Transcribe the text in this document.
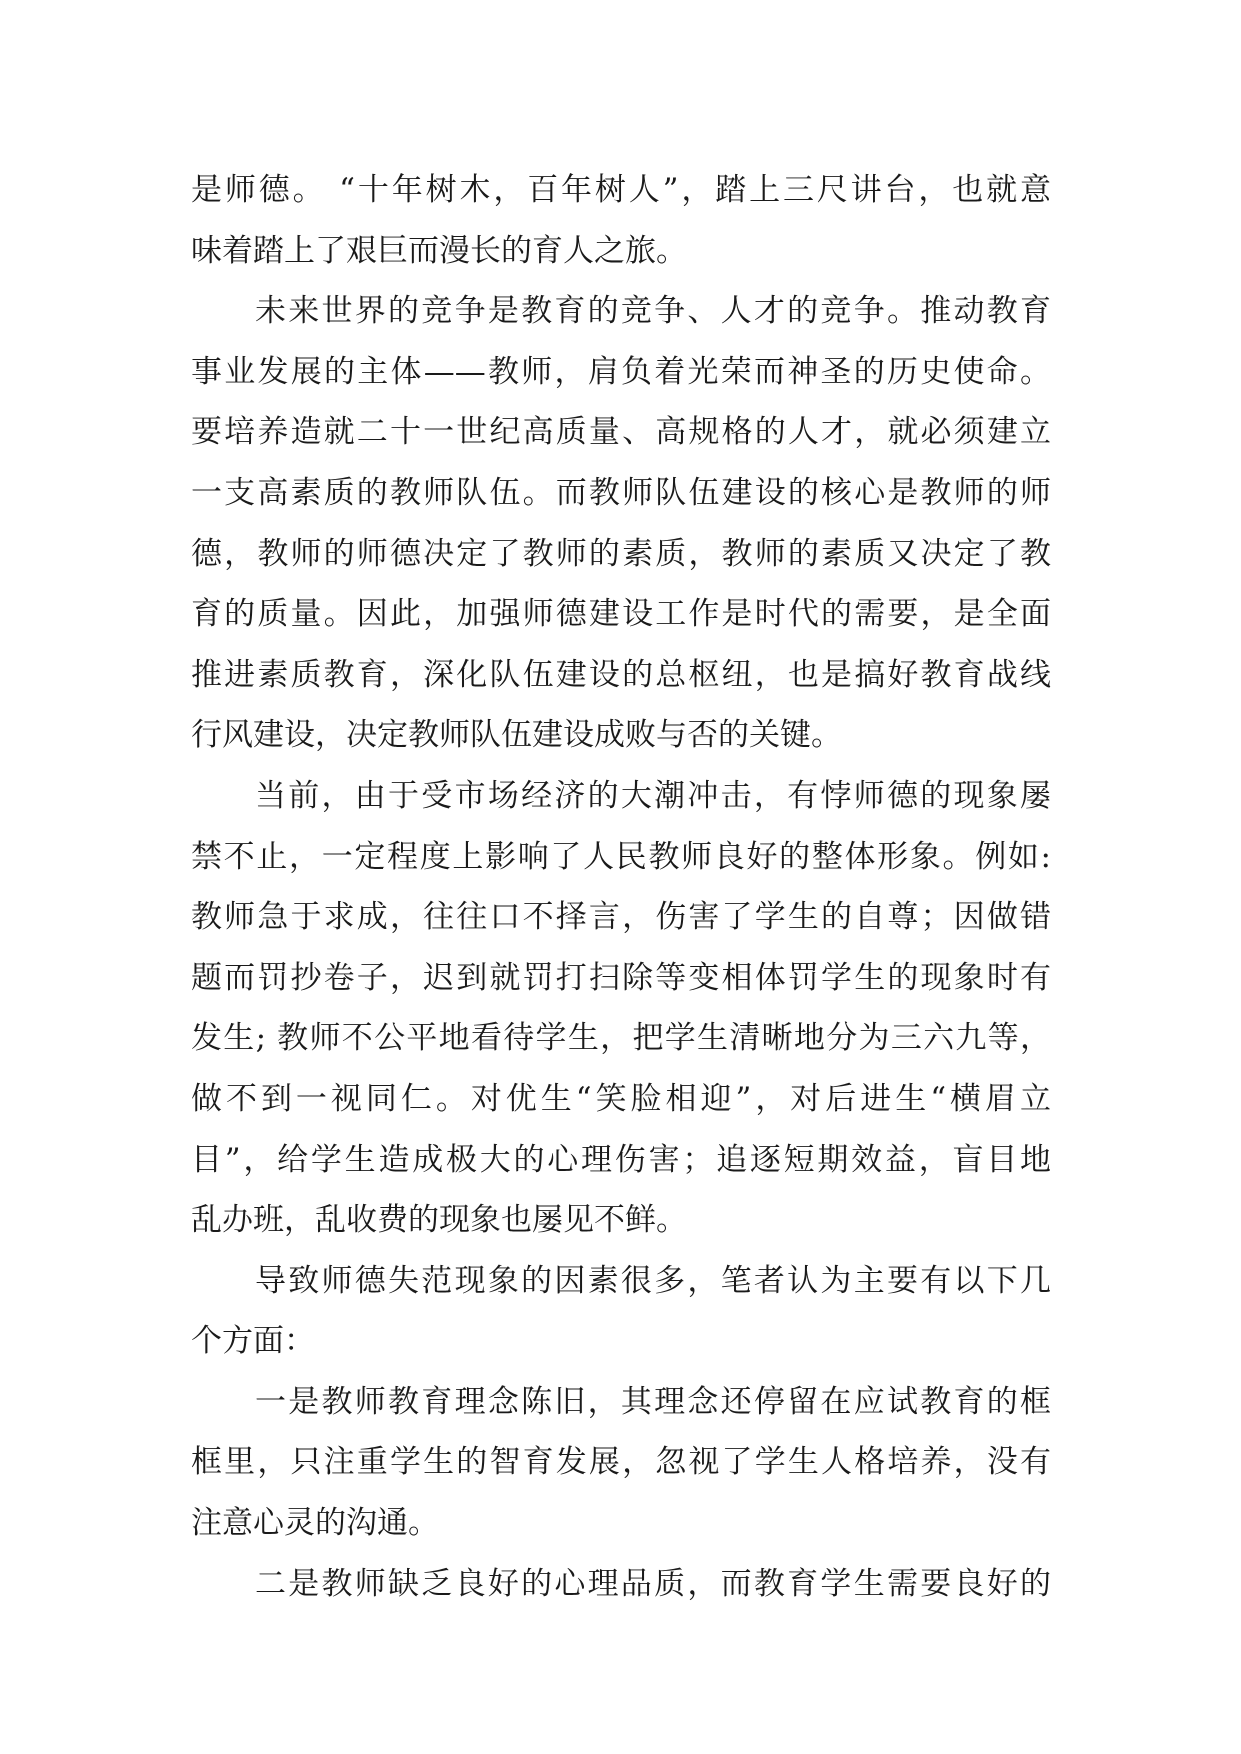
是师德。 “十年树木，百年树人”，踏上三尺讲台，也就意
味着踏上了艰巨而漫长的育人之旅。
未来世界的竞争是教育的竞争、人才的竞争。推动教育
事业发展的主体——教师，肩负着光荣而神圣的历史使命。
要培养造就二十一世纪高质量、高规格的人才，就必须建立
一支高素质的教师队伍。而教师队伍建设的核心是教师的师
德，教师的师德决定了教师的素质，教师的素质又决定了教
育的质量。因此，加强师德建设工作是时代的需要，是全面
推进素质教育，深化队伍建设的总枢纽，也是搞好教育战线
行风建设，决定教师队伍建设成败与否的关键。
当前，由于受市场经济的大潮冲击，有悖师德的现象屡
禁不止，一定程度上影响了人民教师良好的整体形象。例如:
教师急于求成，往往口不择言，伤害了学生的自尊；因做错
题而罚抄卷子，迟到就罚打扫除等变相体罚学生的现象时有
发生; 教师不公平地看待学生，把学生清晰地分为三六九等，
做不到一视同仁。对优生“笑脸相迎”，对后进生“横眉立
目”，给学生造成极大的心理伤害；追逐短期效益，盲目地
乱办班，乱收费的现象也屡见不鲜。
导致师德失范现象的因素很多，笔者认为主要有以下几
个方面：
一是教师教育理念陈旧，其理念还停留在应试教育的框
框里，只注重学生的智育发展，忽视了学生人格培养，没有
注意心灵的沟通。
二是教师缺乏良好的心理品质，而教育学生需要良好的
